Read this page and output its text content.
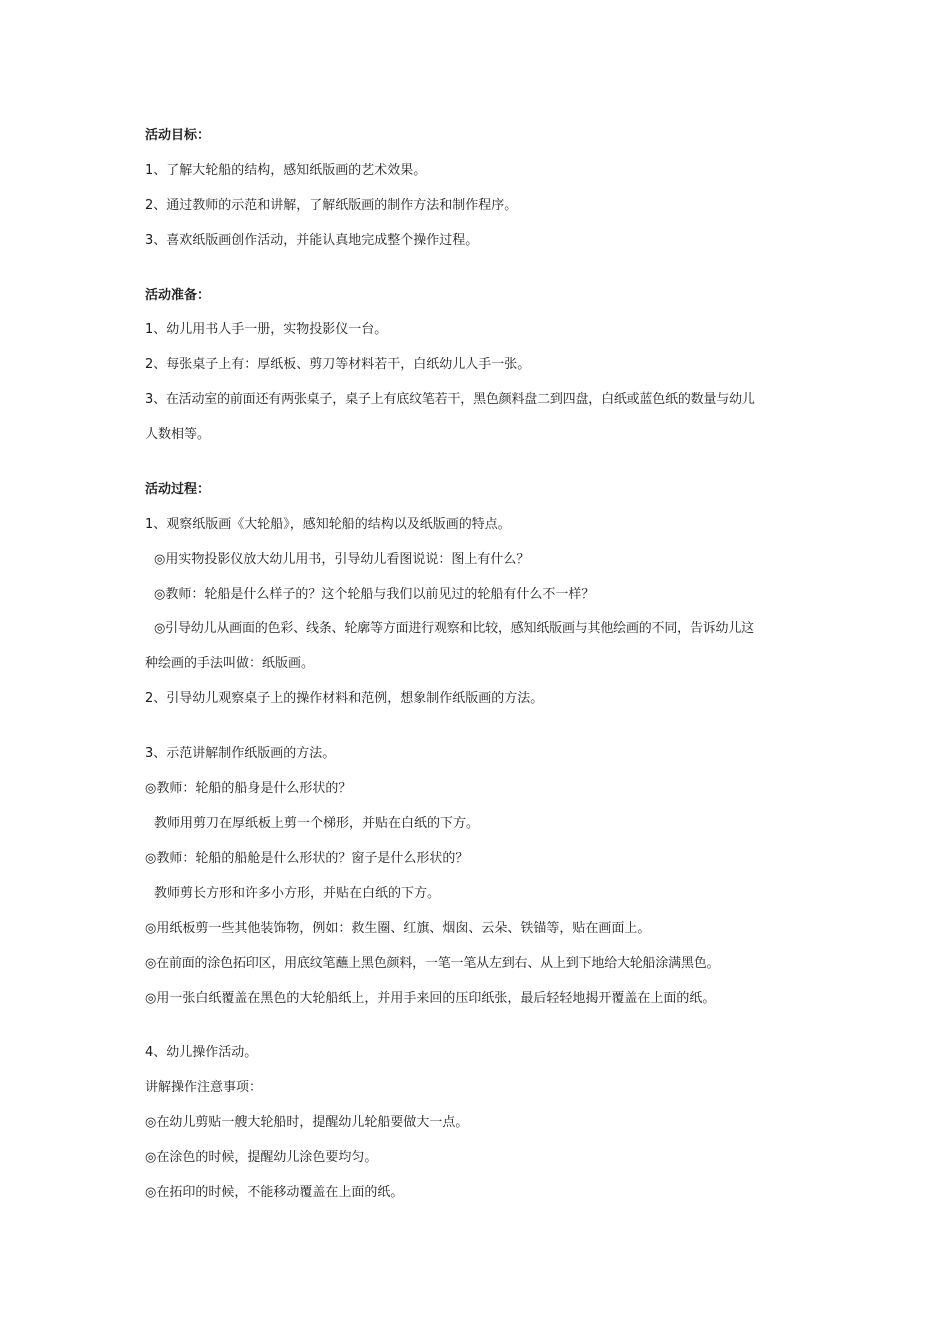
活动目标：
1、了解大轮船的结构，感知纸版画的艺术效果。
2、通过教师的示范和讲解，了解纸版画的制作方法和制作程序。
3、喜欢纸版画创作活动，并能认真地完成整个操作过程。
活动准备：
1、幼儿用书人手一册，实物投影仪一台。
2、每张桌子上有：厚纸板、剪刀等材料若干，白纸幼儿人手一张。
3、在活动室的前面还有两张桌子，桌子上有底纹笔若干，黑色颜料盘二到四盘，白纸或蓝色纸的数量与幼儿
人数相等。
活动过程：
1、观察纸版画《大轮船》，感知轮船的结构以及纸版画的特点。
◎用实物投影仪放大幼儿用书，引导幼儿看图说说：图上有什么？
◎教师：轮船是什么样子的？这个轮船与我们以前见过的轮船有什么不一样？
◎引导幼儿从画面的色彩、线条、轮廓等方面进行观察和比较，感知纸版画与其他绘画的不同，告诉幼儿这
种绘画的手法叫做：纸版画。
2、引导幼儿观察桌子上的操作材料和范例，想象制作纸版画的方法。
3、示范讲解制作纸版画的方法。
◎教师：轮船的船身是什么形状的？
教师用剪刀在厚纸板上剪一个梯形，并贴在白纸的下方。
◎教师：轮船的船舱是什么形状的？窗子是什么形状的？
教师剪长方形和许多小方形，并贴在白纸的下方。
◎用纸板剪一些其他装饰物，例如：救生圈、红旗、烟囱、云朵、铁锚等，贴在画面上。
◎在前面的涂色拓印区，用底纹笔蘸上黑色颜料，一笔一笔从左到右、从上到下地给大轮船涂满黑色。
◎用一张白纸覆盖在黑色的大轮船纸上，并用手来回的压印纸张，最后轻轻地揭开覆盖在上面的纸。
4、幼儿操作活动。
讲解操作注意事项：
◎在幼儿剪贴一艘大轮船时，提醒幼儿轮船要做大一点。
◎在涂色的时候，提醒幼儿涂色要均匀。
◎在拓印的时候，不能移动覆盖在上面的纸。
